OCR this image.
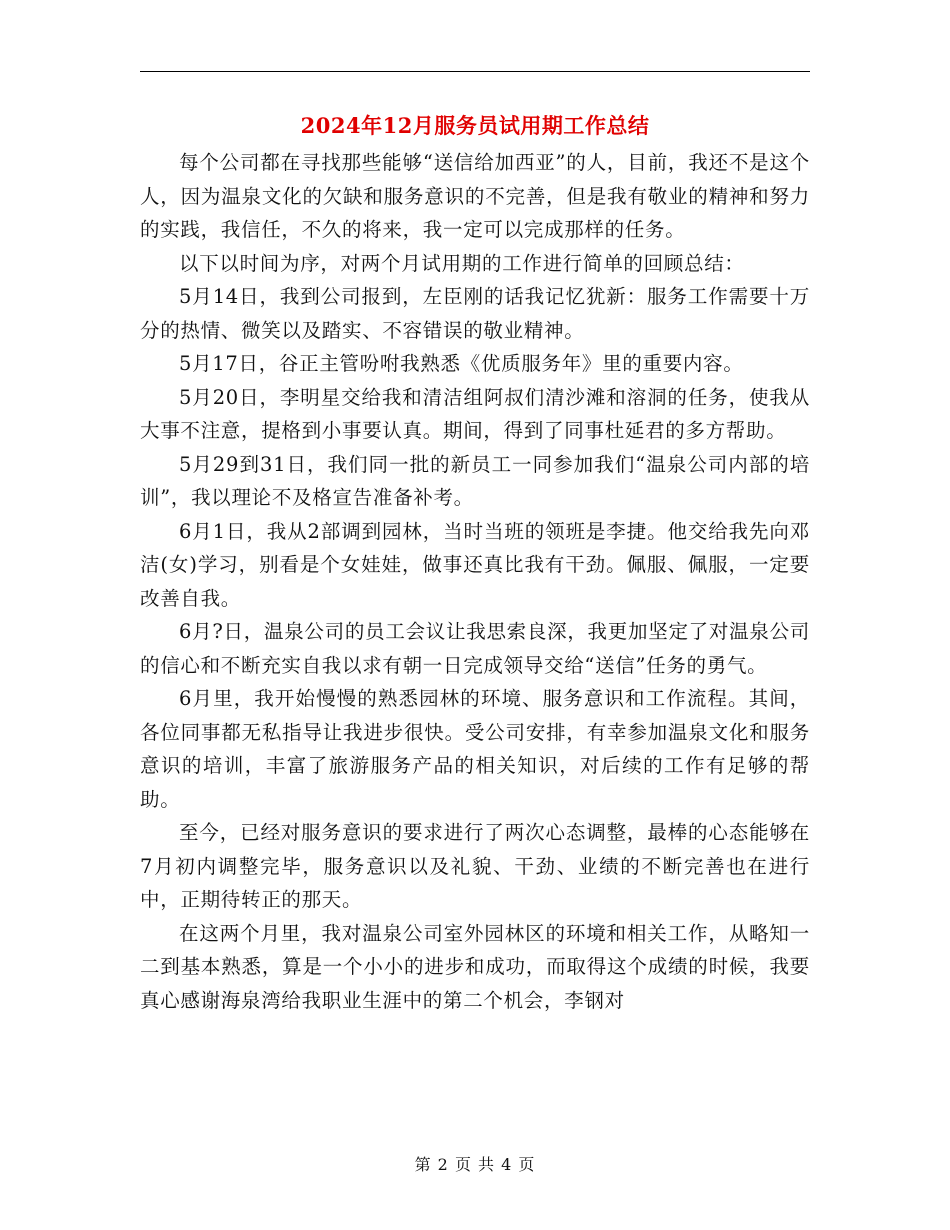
2024年12月服务员试用期工作总结

每个公司都在寻找那些能够“送信给加西亚”的人，目前，我还不是这个人，因为温泉文化的欠缺和服务意识的不完善，但是我有敬业的精神和努力的实践，我信任，不久的将来，我一定可以完成那样的任务。

以下以时间为序，对两个月试用期的工作进行简单的回顾总结：

5月14日，我到公司报到，左臣刚的话我记忆犹新：服务工作需要十万分的热情、微笑以及踏实、不容错误的敬业精神。

5月17日，谷正主管吩咐我熟悉《优质服务年》里的重要内容。

5月20日，李明星交给我和清洁组阿叔们清沙滩和溶洞的任务，使我从大事不注意，提格到小事要认真。期间，得到了同事杜延君的多方帮助。

5月29到31日，我们同一批的新员工一同参加我们“温泉公司内部的培训”，我以理论不及格宣告准备补考。

6月1日，我从2部调到园林，当时当班的领班是李捷。他交给我先向邓洁(女)学习，别看是个女娃娃，做事还真比我有干劲。佩服、佩服，一定要改善自我。

6月?日，温泉公司的员工会议让我思索良深，我更加坚定了对温泉公司的信心和不断充实自我以求有朝一日完成领导交给“送信”任务的勇气。

6月里，我开始慢慢的熟悉园林的环境、服务意识和工作流程。其间，各位同事都无私指导让我进步很快。受公司安排，有幸参加温泉文化和服务意识的培训，丰富了旅游服务产品的相关知识，对后续的工作有足够的帮助。

至今，已经对服务意识的要求进行了两次心态调整，最棒的心态能够在7月初内调整完毕，服务意识以及礼貌、干劲、业绩的不断完善也在进行中，正期待转正的那天。

在这两个月里，我对温泉公司室外园林区的环境和相关工作，从略知一二到基本熟悉，算是一个小小的进步和成功，而取得这个成绩的时候，我要真心感谢海泉湾给我职业生涯中的第二个机会，李钢对

第 2 页 共 4 页
